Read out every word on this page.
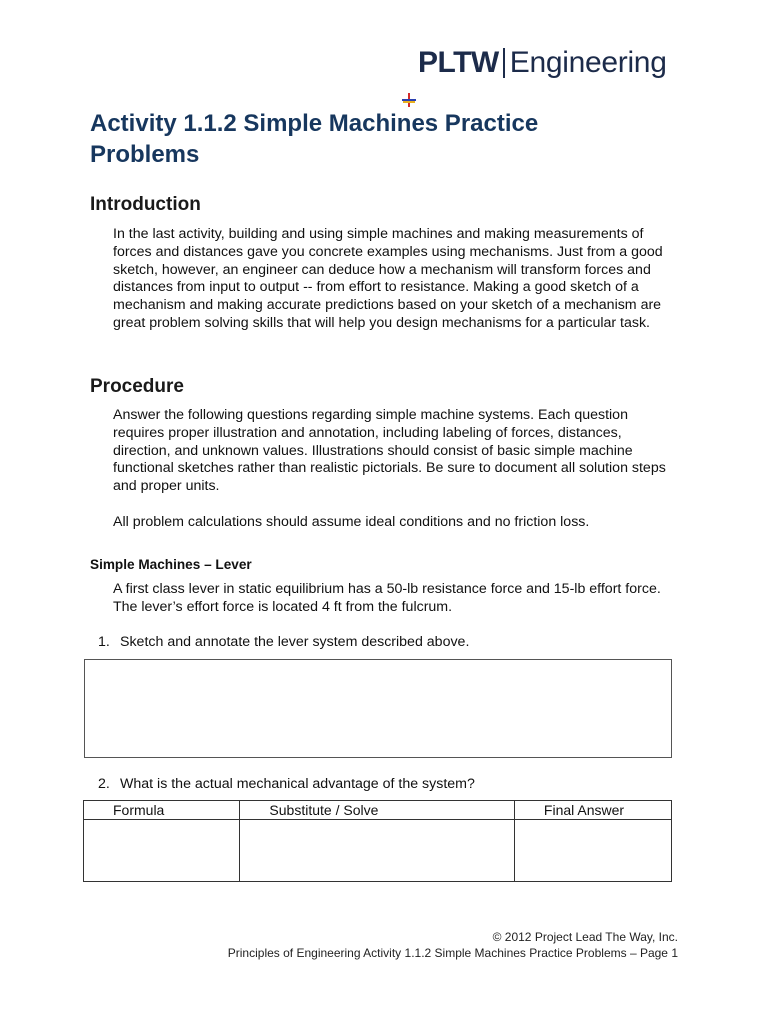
PLTW Engineering
Activity 1.1.2 Simple Machines Practice Problems
Introduction

In the last activity, building and using simple machines and making measurements of forces and distances gave you concrete examples using mechanisms. Just from a good sketch, however, an engineer can deduce how a mechanism will transform forces and distances from input to output -- from effort to resistance. Making a good sketch of a mechanism and making accurate predictions based on your sketch of a mechanism are great problem solving skills that will help you design mechanisms for a particular task.

Procedure

Answer the following questions regarding simple machine systems. Each question requires proper illustration and annotation, including labeling of forces, distances, direction, and unknown values. Illustrations should consist of basic simple machine functional sketches rather than realistic pictorials. Be sure to document all solution steps and proper units.

All problem calculations should assume ideal conditions and no friction loss.

Simple Machines – Lever

A first class lever in static equilibrium has a 50-lb resistance force and 15-lb effort force. The lever’s effort force is located 4 ft from the fulcrum.

1. Sketch and annotate the lever system described above.

2. What is the actual mechanical advantage of the system?

Formula	Substitute / Solve	Final Answer

© 2012 Project Lead The Way, Inc.

Principles of Engineering Activity 1.1.2 Simple Machines Practice Problems – Page 1
